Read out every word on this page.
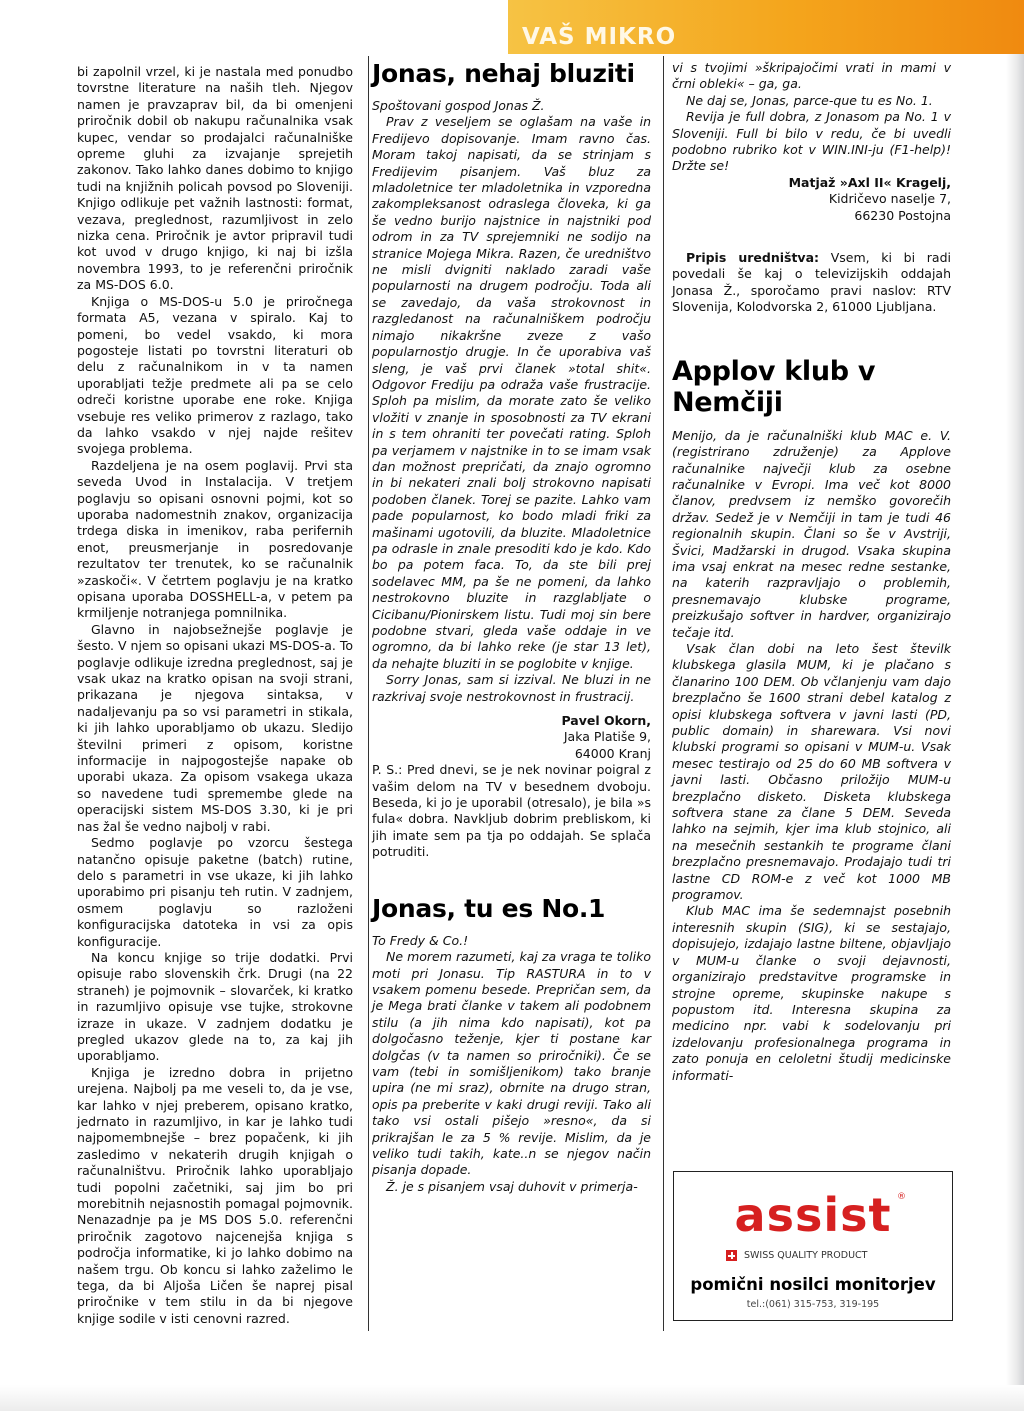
VAŠ MIKRO

bi zapolnil vrzel, ki je nastala med ponudbo tovrstne literature na naših tleh. Njegov namen je pravzaprav bil, da bi omenjeni priročnik dobil ob nakupu računalnika vsak kupec, vendar so prodajalci računalniške opreme gluhi za izvajanje sprejetih zakonov. Tako lahko danes dobimo to knjigo tudi na knjižnih policah povsod po Sloveniji. Knjigo odlikuje pet važnih lastnosti: format, vezava, preglednost, razumljivost in zelo nizka cena. Priročnik je avtor pripravil tudi kot uvod v drugo knjigo, ki naj bi izšla novembra 1993, to je referenčni priročnik za MS-DOS 6.0.

Knjiga o MS-DOS-u 5.0 je priročnega formata A5, vezana v spiralo. Kaj to pomeni, bo vedel vsakdo, ki mora pogosteje listati po tovrstni literaturi ob delu z računalnikom in v ta namen uporabljati težje predmete ali pa se celo odreči koristne uporabe ene roke. Knjiga vsebuje res veliko primerov z razlago, tako da lahko vsakdo v njej najde rešitev svojega problema.

Razdeljena je na osem poglavij. Prvi sta seveda Uvod in Instalacija. V tretjem poglavju so opisani osnovni pojmi, kot so uporaba nadomestnih znakov, organizacija trdega diska in imenikov, raba perifernih enot, preusmerjanje in posredovanje rezultatov ter trenutek, ko se računalnik »zaskoči«. V četrtem poglavju je na kratko opisana uporaba DOSSHELL-a, v petem pa krmiljenje notranjega pomnilnika.

Glavno in najobsežnejše poglavje je šesto. V njem so opisani ukazi MS-DOS-a. To poglavje odlikuje izredna preglednost, saj je vsak ukaz na kratko opisan na svoji strani, prikazana je njegova sintaksa, v nadaljevanju pa so vsi parametri in stikala, ki jih lahko uporabljamo ob ukazu. Sledijo številni primeri z opisom, koristne informacije in najpogostejše napake ob uporabi ukaza. Za opisom vsakega ukaza so navedene tudi spremembe glede na operacijski sistem MS-DOS 3.30, ki je pri nas žal še vedno najbolj v rabi.

Sedmo poglavje po vzorcu šestega natančno opisuje paketne (batch) rutine, delo s parametri in vse ukaze, ki jih lahko uporabimo pri pisanju teh rutin. V zadnjem, osmem poglavju so razloženi konfiguracijska datoteka in vsi za opis konfiguracije.

Na koncu knjige so trije dodatki. Prvi opisuje rabo slovenskih črk. Drugi (na 22 straneh) je pojmovnik – slovarček, ki kratko in razumljivo opisuje vse tujke, strokovne izraze in ukaze. V zadnjem dodatku je pregled ukazov glede na to, za kaj jih uporabljamo.

Knjiga je izredno dobra in prijetno urejena. Najbolj pa me veseli to, da je vse, kar lahko v njej preberem, opisano kratko, jedrnato in razumljivo, in kar je lahko tudi najpomembnejše – brez popačenk, ki jih zasledimo v nekaterih drugih knjigah o računalništvu. Priročnik lahko uporabljajo tudi popolni začetniki, saj jim bo pri morebitnih nejasnostih pomagal pojmovnik. Nenazadnje pa je MS DOS 5.0. referenčni priročnik zagotovo najcenejša knjiga s področja informatike, ki jo lahko dobimo na našem trgu. Ob koncu si lahko zaželimo le tega, da bi Aljoša Ličen še naprej pisal priročnike v tem stilu in da bi njegove knjige sodile v isti cenovni razred.

Jonas, nehaj bluziti

Spoštovani gospod Jonas Ž.

Prav z veseljem se oglašam na vaše in Fredijevo dopisovanje. Imam ravno čas. Moram takoj napisati, da se strinjam s Fredijevim pisanjem. Vaš bluz za mladoletnice ter mladoletnika in vzporedna zakompleksanost odraslega človeka, ki ga še vedno burijo najstnice in najstniki pod odrom in za TV sprejemniki ne sodijo na stranice Mojega Mikra. Razen, če uredništvo ne misli dvigniti naklado zaradi vaše popularnosti na drugem področju. Toda ali se zavedajo, da vaša strokovnost in razgledanost na računalniškem področju nimajo nikakršne zveze z vašo popularnostjo drugje. In če uporabiva vaš sleng, je vaš prvi članek »total shit«. Odgovor Frediju pa odraža vaše frustracije. Sploh pa mislim, da morate zato še veliko vložiti v znanje in sposobnosti za TV ekrani in s tem ohraniti ter povečati rating. Sploh pa verjamem v najstnike in to se imam vsak dan možnost prepričati, da znajo ogromno in bi nekateri znali bolj strokovno napisati podoben članek. Torej se pazite. Lahko vam pade popularnost, ko bodo mladi friki za mašinami ugotovili, da bluzite. Mladoletnice pa odrasle in znale presoditi kdo je kdo. Kdo bo pa potem faca. To, da ste bili prej sodelavec MM, pa še ne pomeni, da lahko nestrokovno bluzite in razglabljate o Cicibanu/Pionirskem listu. Tudi moj sin bere podobne stvari, gleda vaše oddaje in ve ogromno, da bi lahko reke (je star 13 let), da nehajte bluziti in se poglobite v knjige.

Sorry Jonas, sam si izzival. Ne bluzi in ne razkrivaj svoje nestrokovnost in frustracij.

Pavel Okorn,
Jaka Platiše 9,
64000 Kranj

P. S.: Pred dnevi, se je nek novinar poigral z vašim delom na TV v besednem dvoboju. Beseda, ki jo je uporabil (otresalo), je bila »s fula« dobra. Navkljub dobrim prebliskom, ki jih imate sem pa tja po oddajah. Se splača potruditi.

Jonas, tu es No.1

To Fredy & Co.!

Ne morem razumeti, kaj za vraga te toliko moti pri Jonasu. Tip RASTURA in to v vsakem pomenu besede. Prepričan sem, da je Mega brati članke v takem ali podobnem stilu (a jih nima kdo napisati), kot pa dolgočasno teženje, kjer ti postane kar dolgčas (v ta namen so priročniki). Če se vam (tebi in somišljenikom) tako branje upira (ne mi sraz), obrnite na drugo stran, opis pa preberite v kaki drugi reviji. Tako ali tako vsi ostali pišejo »resno«, da si prikrajšan le za 5 % revije. Mislim, da je veliko tudi takih, kate..n se njegov način pisanja dopade.

Ž. je s pisanjem vsaj duhovit v primerja-

vi s tvojimi »škripajočimi vrati in mami v črni obleki« – ga, ga.

Ne daj se, Jonas, parce-que tu es No. 1.

Revija je full dobra, z Jonasom pa No. 1 v Sloveniji. Full bi bilo v redu, če bi uvedli podobno rubriko kot v WIN.INI-ju (F1-help)! Držte se!

Matjaž »Axl II« Kragelj,
Kidričevo naselje 7,
66230 Postojna

Pripis uredništva: Vsem, ki bi radi povedali še kaj o televizijskih oddajah Jonasa Ž., sporočamo pravi naslov: RTV Slovenija, Kolodvorska 2, 61000 Ljubljana.

Applov klub v Nemčiji

Menijo, da je računalniški klub MAC e. V. (registrirano združenje) za Applove računalnike največji klub za osebne računalnike v Evropi. Ima več kot 8000 članov, predvsem iz nemško govorečih držav. Sedež je v Nemčiji in tam je tudi 46 regionalnih skupin. Člani so še v Avstriji, Švici, Madžarski in drugod. Vsaka skupina ima vsaj enkrat na mesec redne sestanke, na katerih razpravljajo o problemih, presnemavajo klubske programe, preizkušajo softver in hardver, organizirajo tečaje itd.

Vsak član dobi na leto šest številk klubskega glasila MUM, ki je plačano s članarino 100 DEM. Ob včlanjenju vam dajo brezplačno še 1600 strani debel katalog z opisi klubskega softvera v javni lasti (PD, public domain) in sharewara. Vsi novi klubski programi so opisani v MUM-u. Vsak mesec testirajo od 25 do 60 MB softvera v javni lasti. Občasno priložijo MUM-u brezplačno disketo. Disketa klubskega softvera stane za člane 5 DEM. Seveda lahko na sejmih, kjer ima klub stojnico, ali na mesečnih sestankih te programe člani brezplačno presnemavajo. Prodajajo tudi tri lastne CD ROM-e z več kot 1000 MB programov.

Klub MAC ima še sedemnajst posebnih interesnih skupin (SIG), ki se sestajajo, dopisujejo, izdajajo lastne biltene, objavljajo v MUM-u članke o svoji dejavnosti, organizirajo predstavitve programske in strojne opreme, skupinske nakupe s popustom itd. Interesna skupina za medicino npr. vabi k sodelovanju pri izdelovanju profesionalnega programa in zato ponuja en celoletni študij medicinske informati-

assist ®
SWISS QUALITY PRODUCT
pomični nosilci monitorjev
tel.:(061) 315-753, 319-195
